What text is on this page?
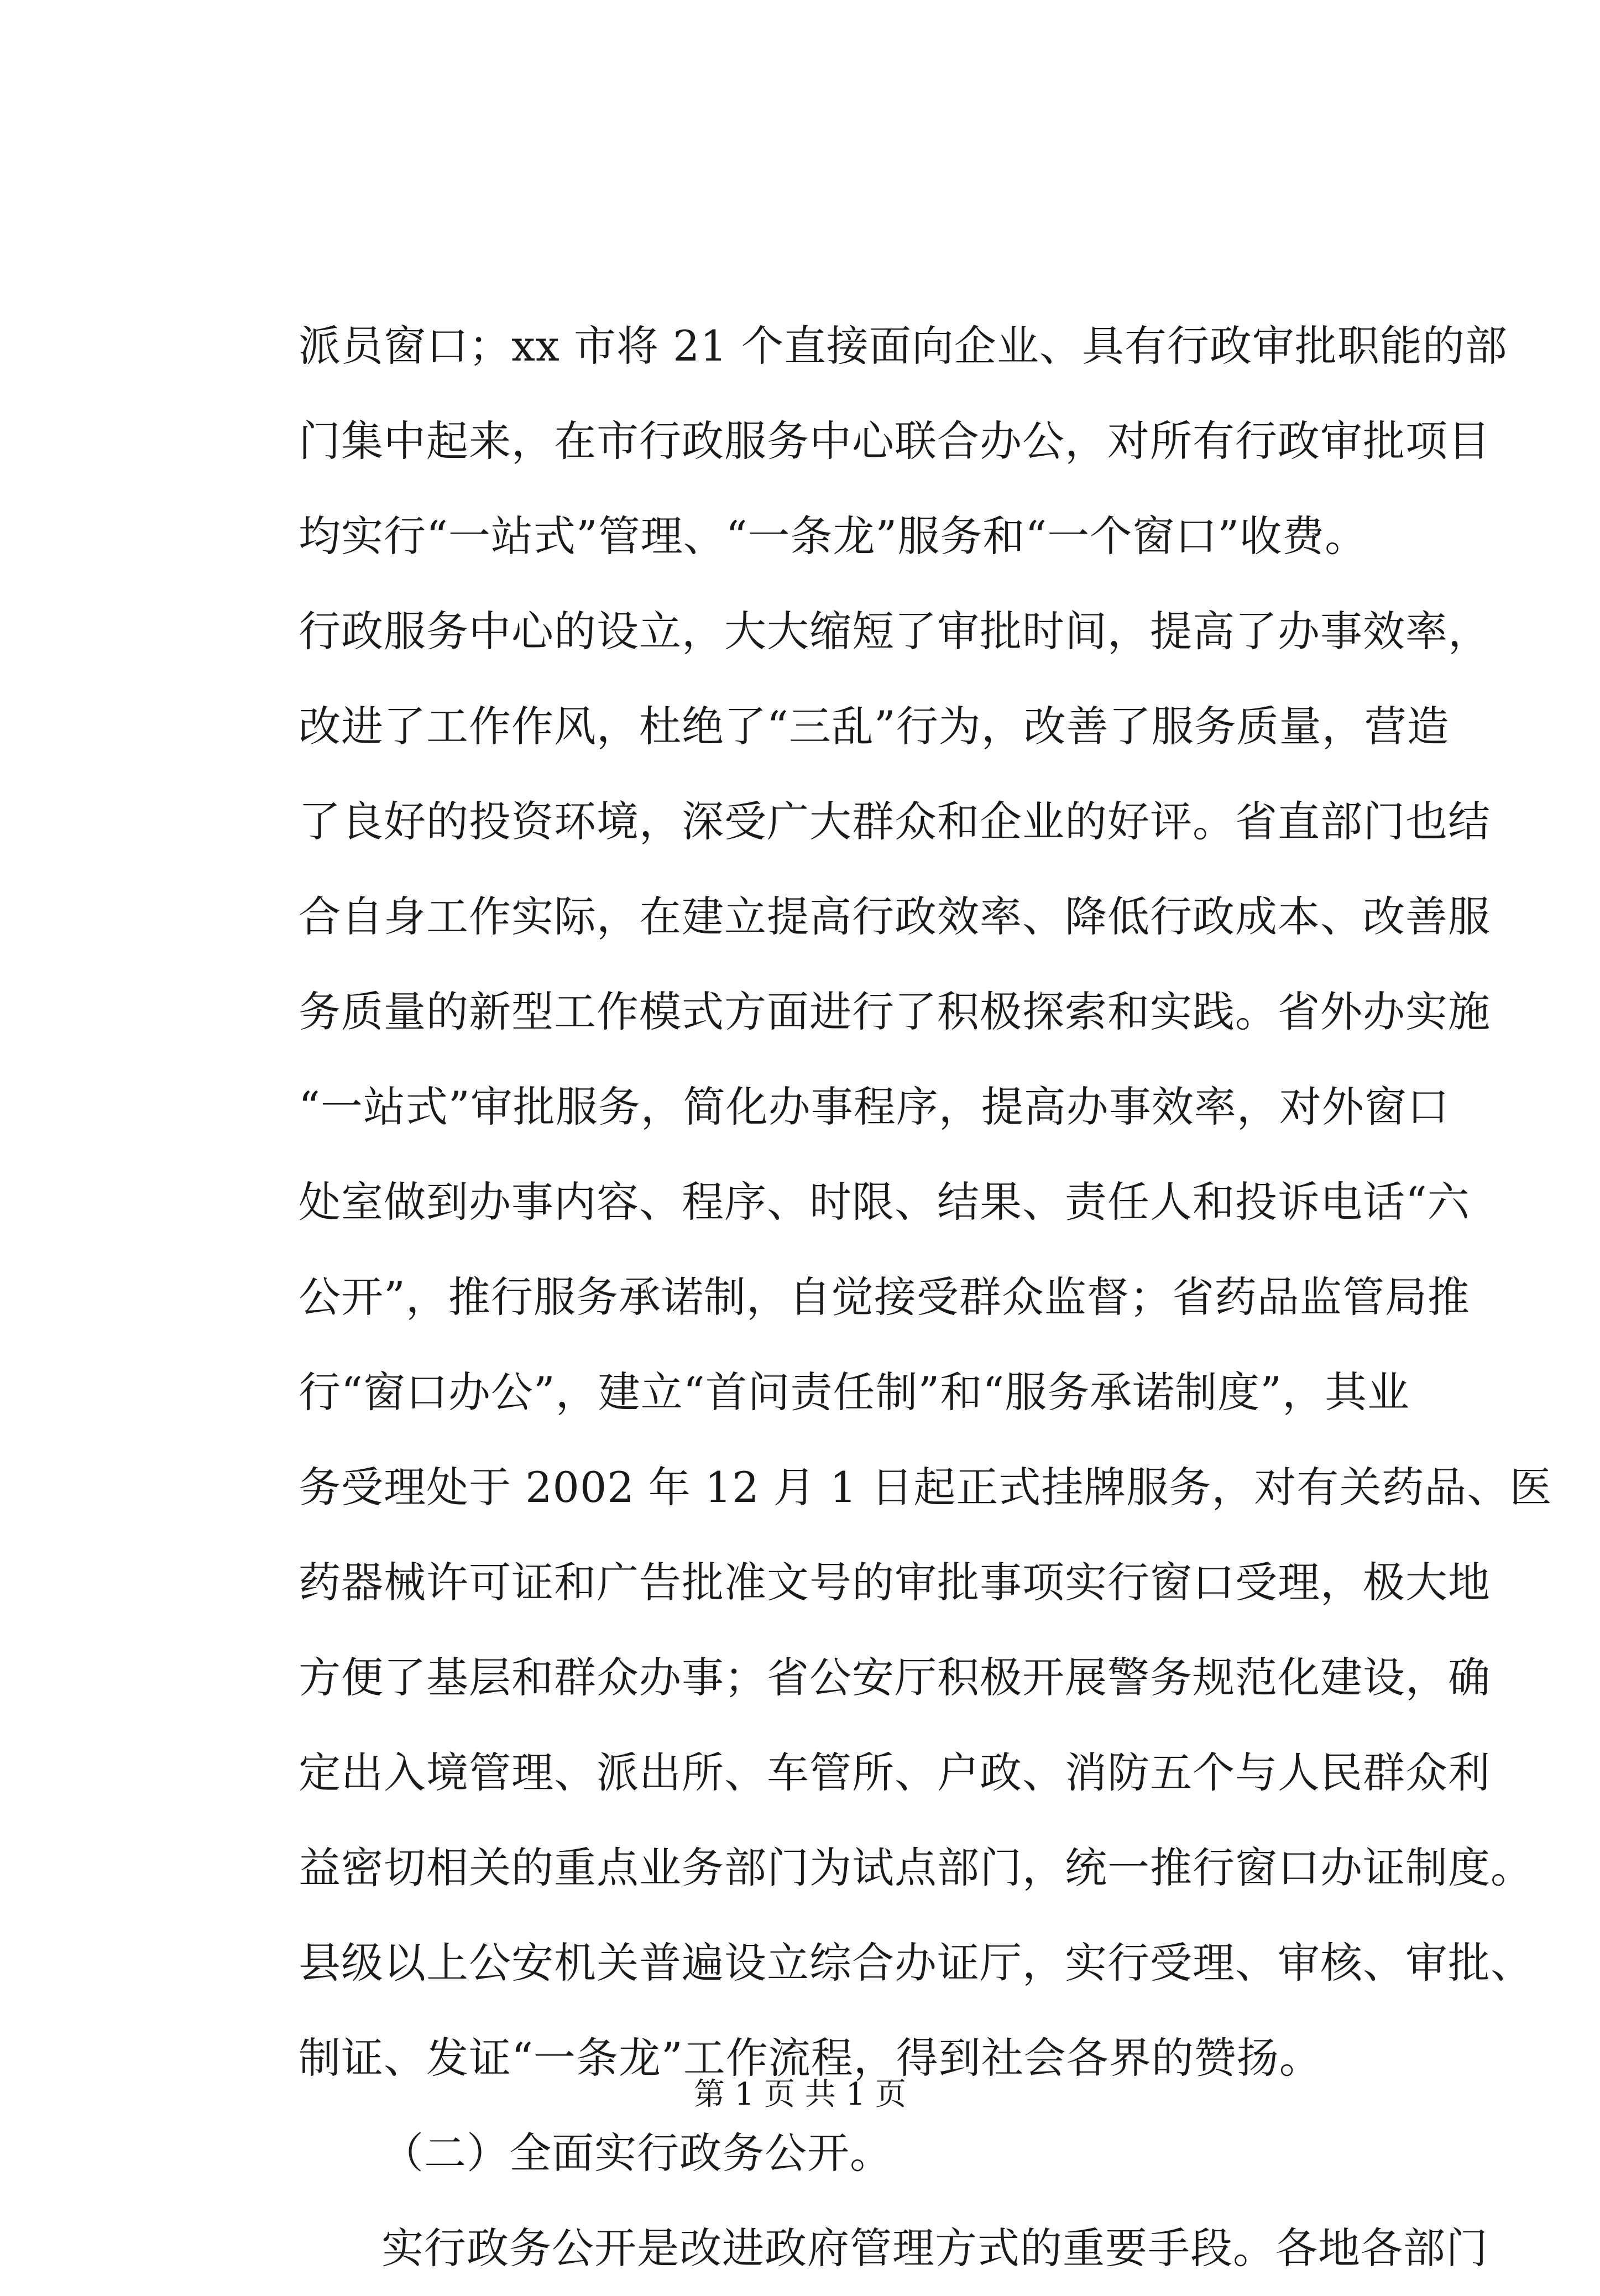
派员窗口；xx 市将 21 个直接面向企业、具有行政审批职能的部
门集中起来，在市行政服务中心联合办公，对所有行政审批项目
均实行“一站式”管理、“一条龙”服务和“一个窗口”收费。
行政服务中心的设立，大大缩短了审批时间，提高了办事效率，
改进了工作作风，杜绝了“三乱”行为，改善了服务质量，营造
了良好的投资环境，深受广大群众和企业的好评。省直部门也结
合自身工作实际，在建立提高行政效率、降低行政成本、改善服
务质量的新型工作模式方面进行了积极探索和实践。省外办实施
“一站式”审批服务，简化办事程序，提高办事效率，对外窗口
处室做到办事内容、程序、时限、结果、责任人和投诉电话“六
公开”，推行服务承诺制，自觉接受群众监督；省药品监管局推
行“窗口办公”，建立“首问责任制”和“服务承诺制度”，其业
务受理处于 2002 年 12 月 1 日起正式挂牌服务，对有关药品、医
药器械许可证和广告批准文号的审批事项实行窗口受理，极大地
方便了基层和群众办事；省公安厅积极开展警务规范化建设，确
定出入境管理、派出所、车管所、户政、消防五个与人民群众利
益密切相关的重点业务部门为试点部门，统一推行窗口办证制度。
县级以上公安机关普遍设立综合办证厅，实行受理、审核、审批、
制证、发证“一条龙”工作流程，得到社会各界的赞扬。
（二）全面实行政务公开。
实行政务公开是改进政府管理方式的重要手段。各地各部门
第 1 页 共 1 页
